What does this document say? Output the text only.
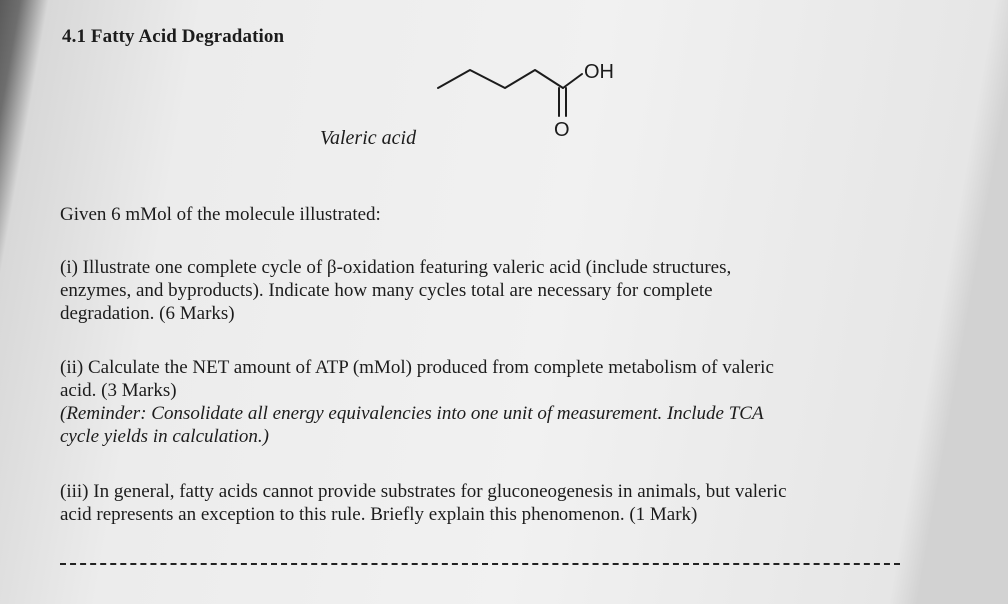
4.1 Fatty Acid Degradation
OH
O
Valeric acid

Given 6 mMol of the molecule illustrated:

(i) Illustrate one complete cycle of β-oxidation featuring valeric acid (include structures,
enzymes, and byproducts). Indicate how many cycles total are necessary for complete
degradation. (6 Marks)

(ii) Calculate the NET amount of ATP (mMol) produced from complete metabolism of valeric
acid. (3 Marks)
(Reminder: Consolidate all energy equivalencies into one unit of measurement. Include TCA
cycle yields in calculation.)

(iii) In general, fatty acids cannot provide substrates for gluconeogenesis in animals, but valeric
acid represents an exception to this rule. Briefly explain this phenomenon. (1 Mark)
